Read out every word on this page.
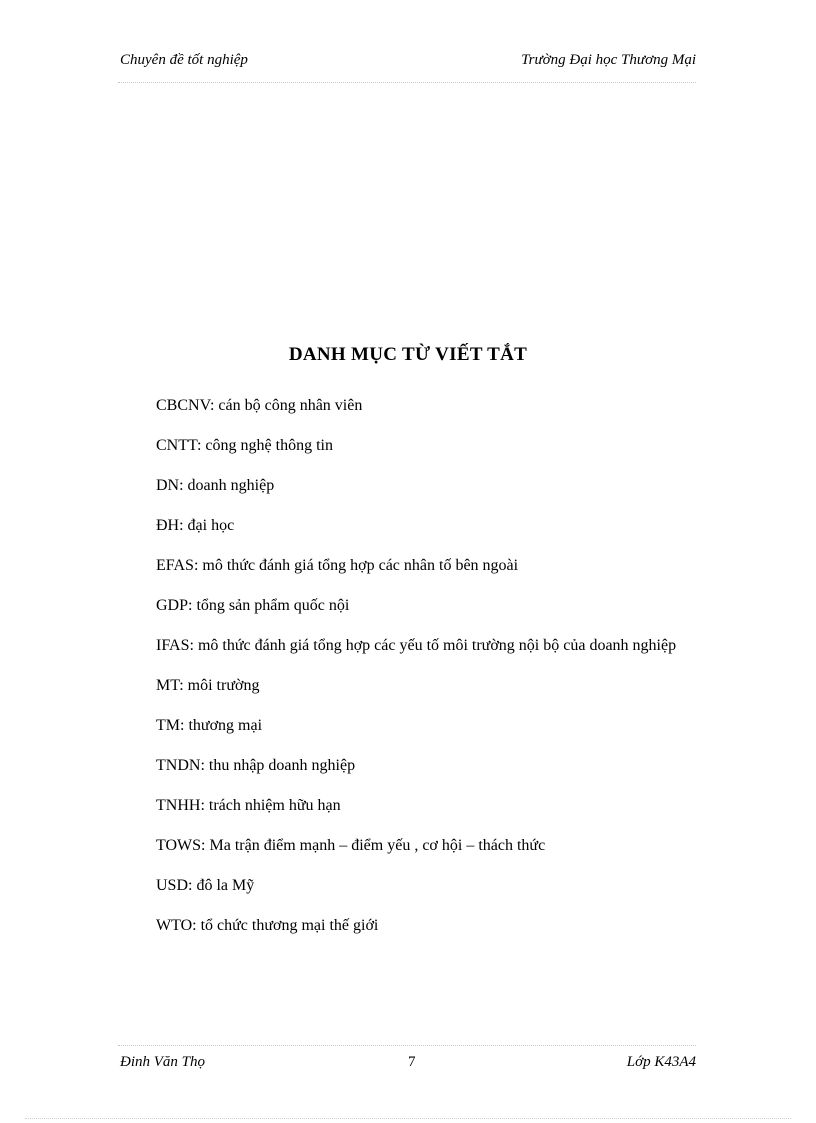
Chuyên đề tốt nghiệp	Trường Đại học Thương Mại
DANH MỤC TỪ VIẾT TẮT

CBCNV: cán bộ công nhân viên

CNTT: công nghệ thông tin

DN: doanh nghiệp

ĐH: đại học

EFAS: mô thức đánh giá tổng hợp các nhân tố bên ngoài

GDP: tổng sản phẩm quốc nội

IFAS: mô thức đánh giá tổng hợp các yếu tố môi trường nội bộ của doanh nghiệp

MT: môi trường

TM: thương mại

TNDN: thu nhập doanh nghiệp

TNHH: trách nhiệm hữu hạn

TOWS: Ma trận điểm mạnh – điểm yếu , cơ hội – thách thức

USD: đô la Mỹ

WTO: tổ chức thương mại thế giới

Đinh Văn Thọ	7	Lớp K43A4
